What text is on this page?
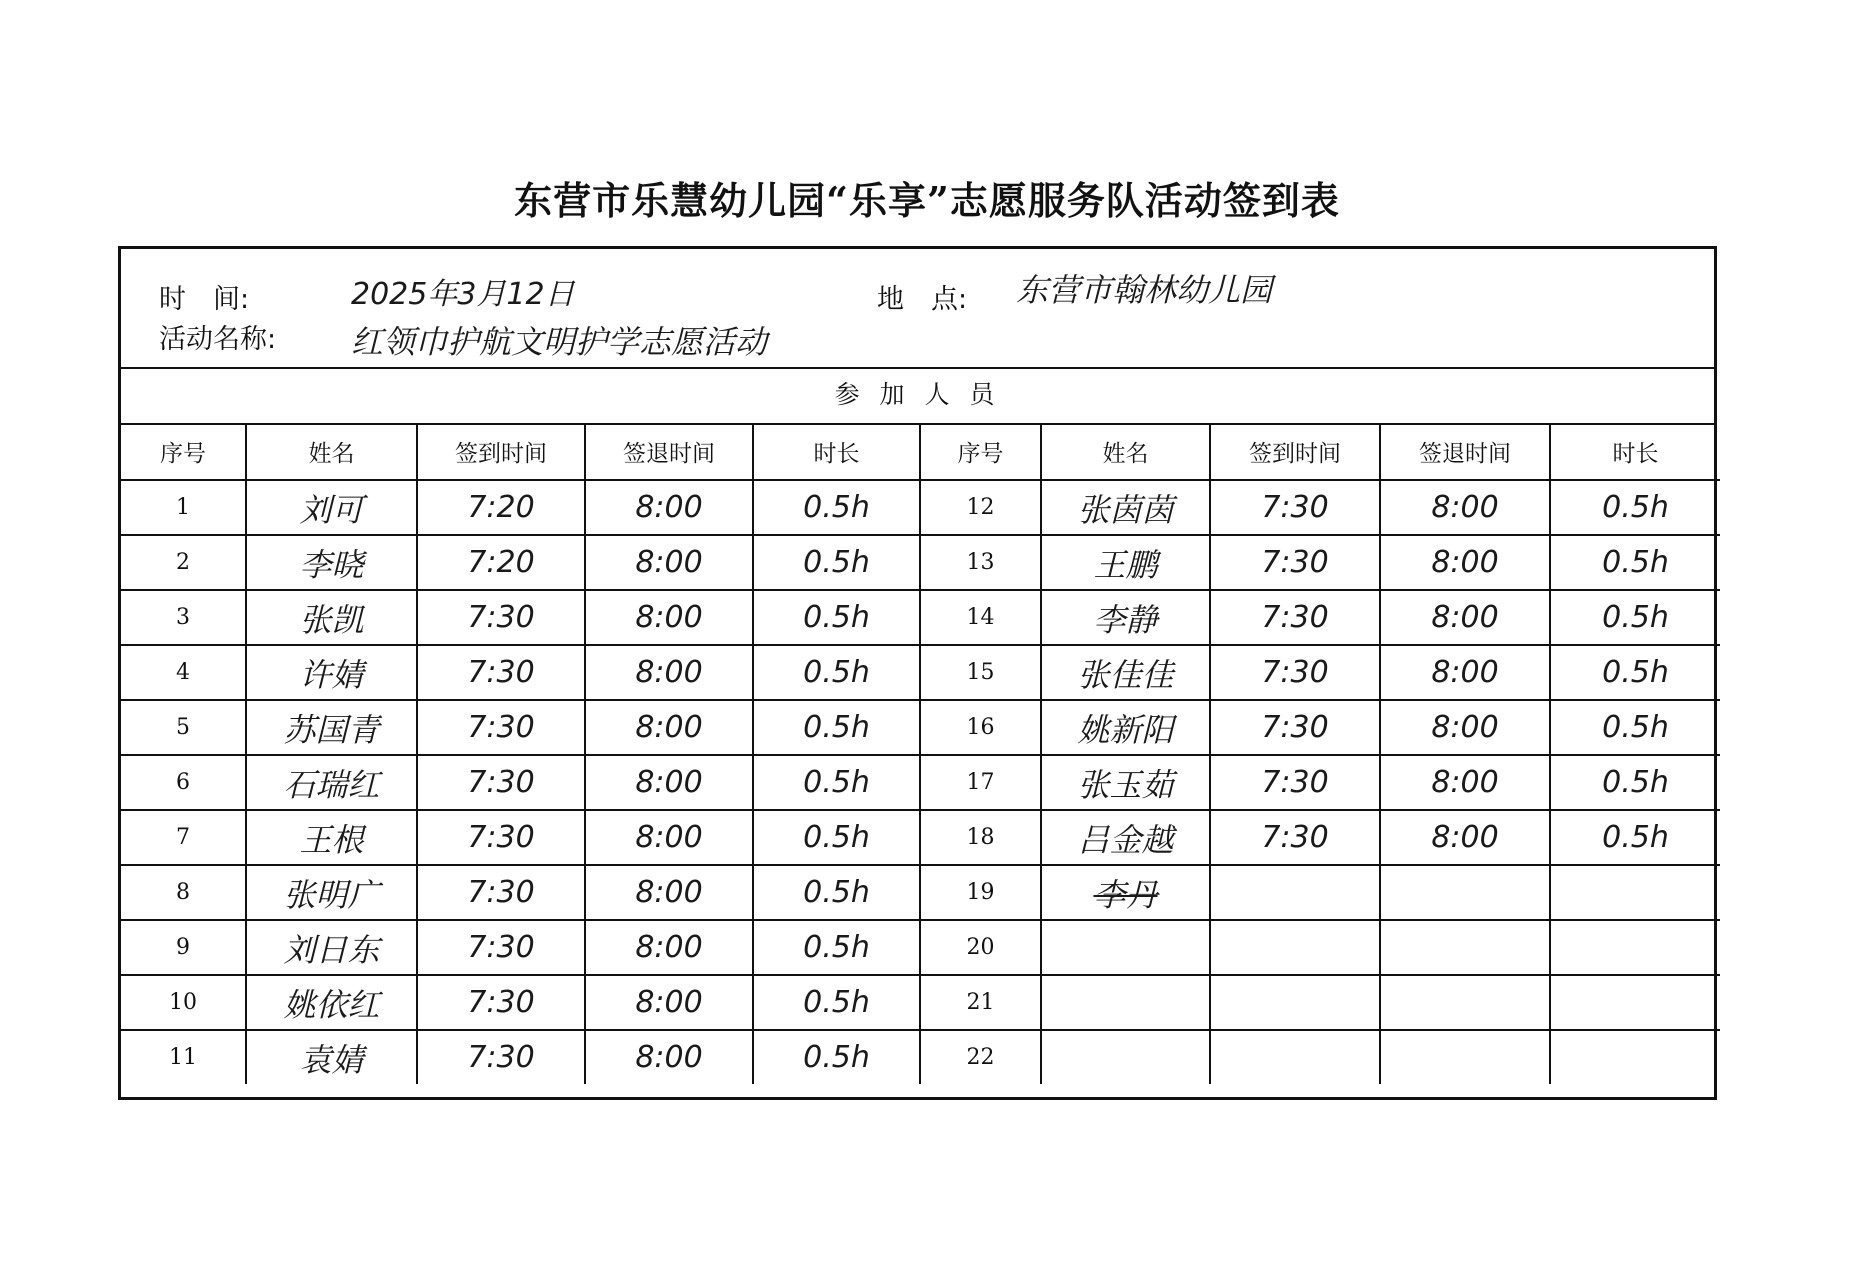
东营市乐慧幼儿园“乐享”志愿服务队活动签到表
时　间:	2025年3月12日	地　点: 东营市翰林幼儿园
活动名称: 红领巾护航文明护学志愿活动
参 加 人 员
序号	姓名	签到时间	签退时间	时长	序号	姓名	签到时间	签退时间	时长
1	刘可	7:20	8:00	0.5h	12	张茵茵	7:30	8:00	0.5h
2	李晓	7:20	8:00	0.5h	13	王鹏	7:30	8:00	0.5h
3	张凯	7:30	8:00	0.5h	14	李静	7:30	8:00	0.5h
4	许婧	7:30	8:00	0.5h	15	张佳佳	7:30	8:00	0.5h
5	苏国青	7:30	8:00	0.5h	16	姚新阳	7:30	8:00	0.5h
6	石瑞红	7:30	8:00	0.5h	17	张玉茹	7:30	8:00	0.5h
7	王根	7:30	8:00	0.5h	18	吕金越	7:30	8:00	0.5h
8	张明广	7:30	8:00	0.5h	19	李丹			
9	刘日东	7:30	8:00	0.5h	20				
10	姚依红	7:30	8:00	0.5h	21				
11	袁婧	7:30	8:00	0.5h	22				
